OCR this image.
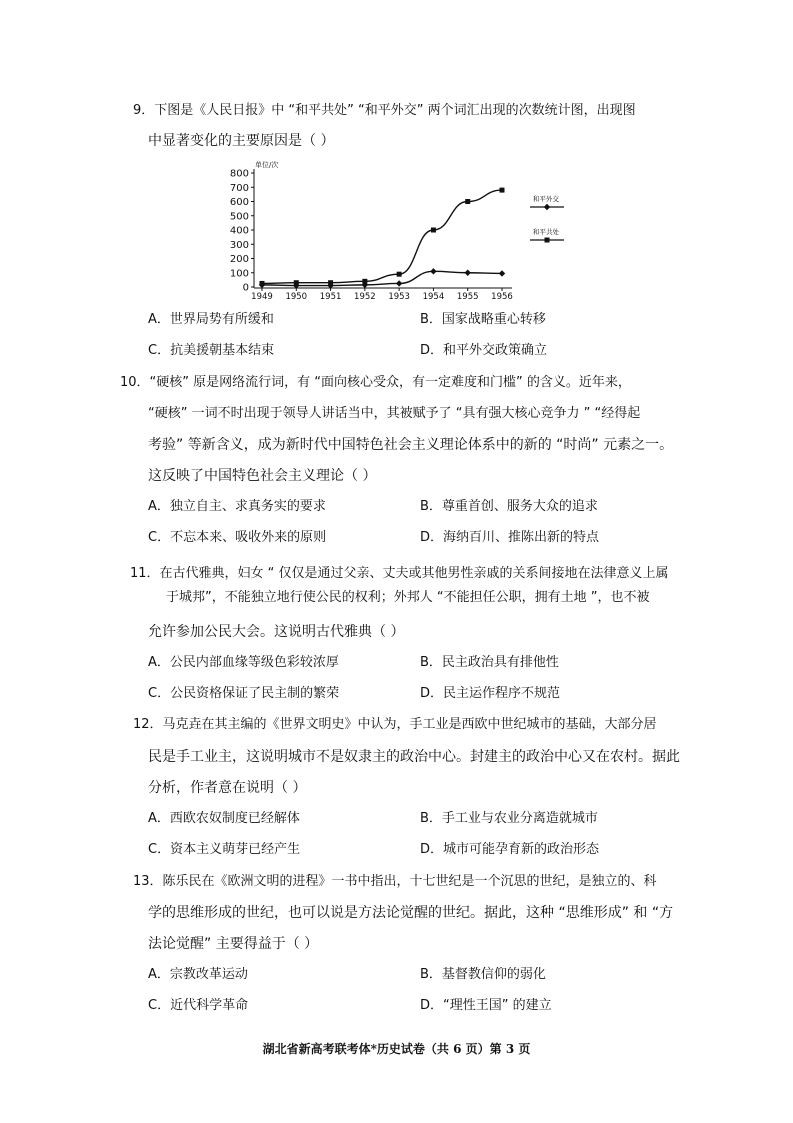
9．下图是《人民日报》中 “和平共处” “和平外交” 两个词汇出现的次数统计图，出现图
中显著变化的主要原因是（ ）
单位/次
0
100
200
300
400
500
600
700
800
1949 1950 1951 1952 1953 1954 1955 1956
和平外交
和平共处
A．世界局势有所缓和	B．国家战略重心转移
C．抗美援朝基本结束	D．和平外交政策确立
10．“硬核” 原是网络流行词，有 “面向核心受众，有一定难度和门槛” 的含义。近年来，
“硬核” 一词不时出现于领导人讲话当中，其被赋予了 “具有强大核心竞争力 ” “经得起
考验” 等新含义，成为新时代中国特色社会主义理论体系中的新的 “时尚” 元素之一。
这反映了中国特色社会主义理论（ ）
A．独立自主、求真务实的要求	B．尊重首创、服务大众的追求
C．不忘本来、吸收外来的原则	D．海纳百川、推陈出新的特点
11．在古代雅典，妇女 “ 仅仅是通过父亲、丈夫或其他男性亲戚的关系间接地在法律意义上属
于城邦”，不能独立地行使公民的权利；外邦人 “不能担任公职，拥有土地 ”，也不被
允许参加公民大会。这说明古代雅典（ ）
A．公民内部血缘等级色彩较浓厚	B．民主政治具有排他性
C．公民资格保证了民主制的繁荣	D．民主运作程序不规范
12．马克垚在其主编的《世界文明史》中认为，手工业是西欧中世纪城市的基础，大部分居
民是手工业主，这说明城市不是奴隶主的政治中心。封建主的政治中心又在农村。据此
分析，作者意在说明（ ）
A．西欧农奴制度已经解体	B．手工业与农业分离造就城市
C．资本主义萌芽已经产生	D．城市可能孕育新的政治形态
13．陈乐民在《欧洲文明的进程》一书中指出，十七世纪是一个沉思的世纪，是独立的、科
学的思维形成的世纪，也可以说是方法论觉醒的世纪。据此，这种 “思维形成” 和 “方
法论觉醒” 主要得益于（ ）
A．宗教改革运动	B．基督教信仰的弱化
C．近代科学革命	D．“理性王国” 的建立
湖北省新高考联考体*历史试卷（共 6 页）第 3 页
